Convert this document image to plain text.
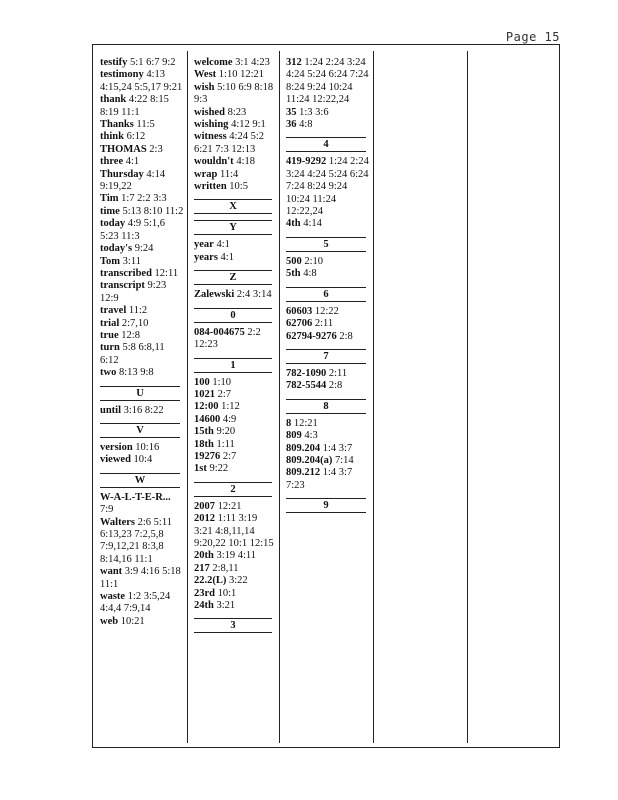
Page 15
testify 5:1 6:7 9:2
testimony 4:13 4:15,24 5:5,17 9:21
thank 4:22 8:15 8:19 11:1
Thanks 11:5
think 6:12
THOMAS 2:3
three 4:1
Thursday 4:14 9:19,22
Tim 1:7 2:2 3:3
time 5:13 8:10 11:2
today 4:9 5:1,6 5:23 11:3
today's 9:24
Tom 3:11
transcribed 12:11
transcript 9:23 12:9
travel 11:2
trial 2:7,10
true 12:8
turn 5:8 6:8,11 6:12
two 8:13 9:8
U
until 3:16 8:22
V
version 10:16
viewed 10:4
W
W-A-L-T-E-R... 7:9
Walters 2:6 5:11 6:13,23 7:2,5,8 7:9,12,21 8:3,8 8:14,16 11:1
want 3:9 4:16 5:18 11:1
waste 1:2 3:5,24 4:4,4 7:9,14
web 10:21
welcome 3:1 4:23
West 1:10 12:21
wish 5:10 6:9 8:18 9:3
wished 8:23
wishing 4:12 9:1
witness 4:24 5:2 6:21 7:3 12:13
wouldn't 4:18
wrap 11:4
written 10:5
X
Y
year 4:1
years 4:1
Z
Zalewski 2:4 3:14
0
084-004675 2:2 12:23
1
100 1:10
1021 2:7
12:00 1:12
14600 4:9
15th 9:20
18th 1:11
19276 2:7
1st 9:22
2
2007 12:21
2012 1:11 3:19 3:21 4:8,11,14 9:20,22 10:1 12:15
20th 3:19 4:11
217 2:8,11
22.2(L) 3:22
23rd 10:1
24th 3:21
3
312 1:24 2:24 3:24 4:24 5:24 6:24 7:24 8:24 9:24 10:24 11:24 12:22,24
35 1:3 3:6
36 4:8
4
419-9292 1:24 2:24 3:24 4:24 5:24 6:24 7:24 8:24 9:24 10:24 11:24 12:22,24
4th 4:14
5
500 2:10
5th 4:8
6
60603 12:22
62706 2:11
62794-9276 2:8
7
782-1090 2:11
782-5544 2:8
8
8 12:21
809 4:3
809.204 1:4 3:7
809.204(a) 7:14
809.212 1:4 3:7 7:23
9
